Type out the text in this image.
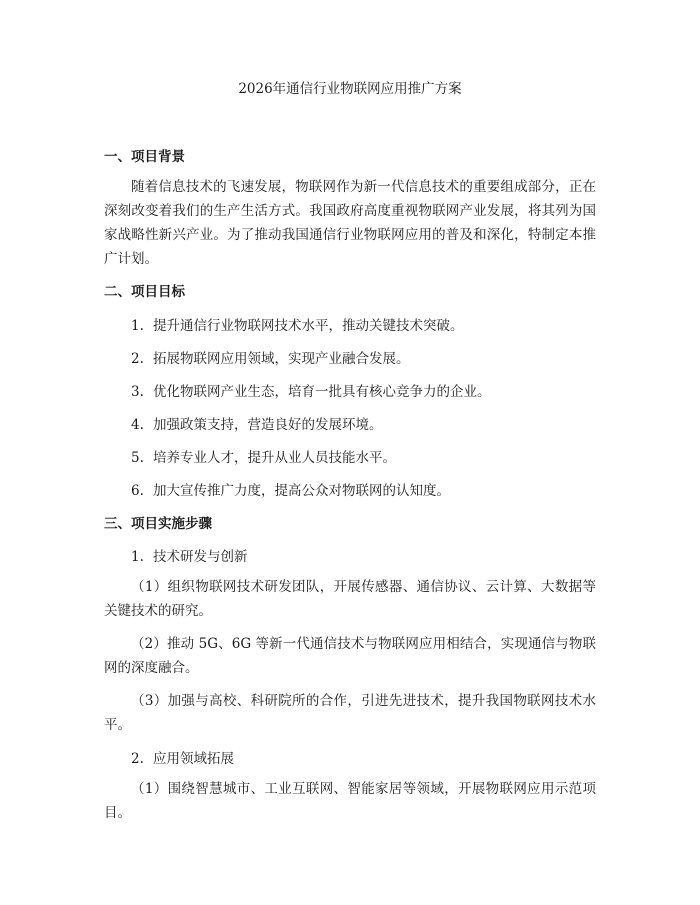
2026年通信行业物联网应用推广方案
一、项目背景

随着信息技术的飞速发展，物联网作为新一代信息技术的重要组成部分，正在深刻改变着我们的生产生活方式。我国政府高度重视物联网产业发展，将其列为国家战略性新兴产业。为了推动我国通信行业物联网应用的普及和深化，特制定本推广计划。

二、项目目标

1. 提升通信行业物联网技术水平，推动关键技术突破。

2. 拓展物联网应用领域，实现产业融合发展。

3. 优化物联网产业生态，培育一批具有核心竞争力的企业。

4. 加强政策支持，营造良好的发展环境。

5. 培养专业人才，提升从业人员技能水平。

6. 加大宣传推广力度，提高公众对物联网的认知度。

三、项目实施步骤

1. 技术研发与创新

（1）组织物联网技术研发团队，开展传感器、通信协议、云计算、大数据等关键技术的研究。

（2）推动 5G、6G 等新一代通信技术与物联网应用相结合，实现通信与物联网的深度融合。

（3）加强与高校、科研院所的合作，引进先进技术，提升我国物联网技术水平。

2. 应用领域拓展

（1）围绕智慧城市、工业互联网、智能家居等领域，开展物联网应用示范项目。
